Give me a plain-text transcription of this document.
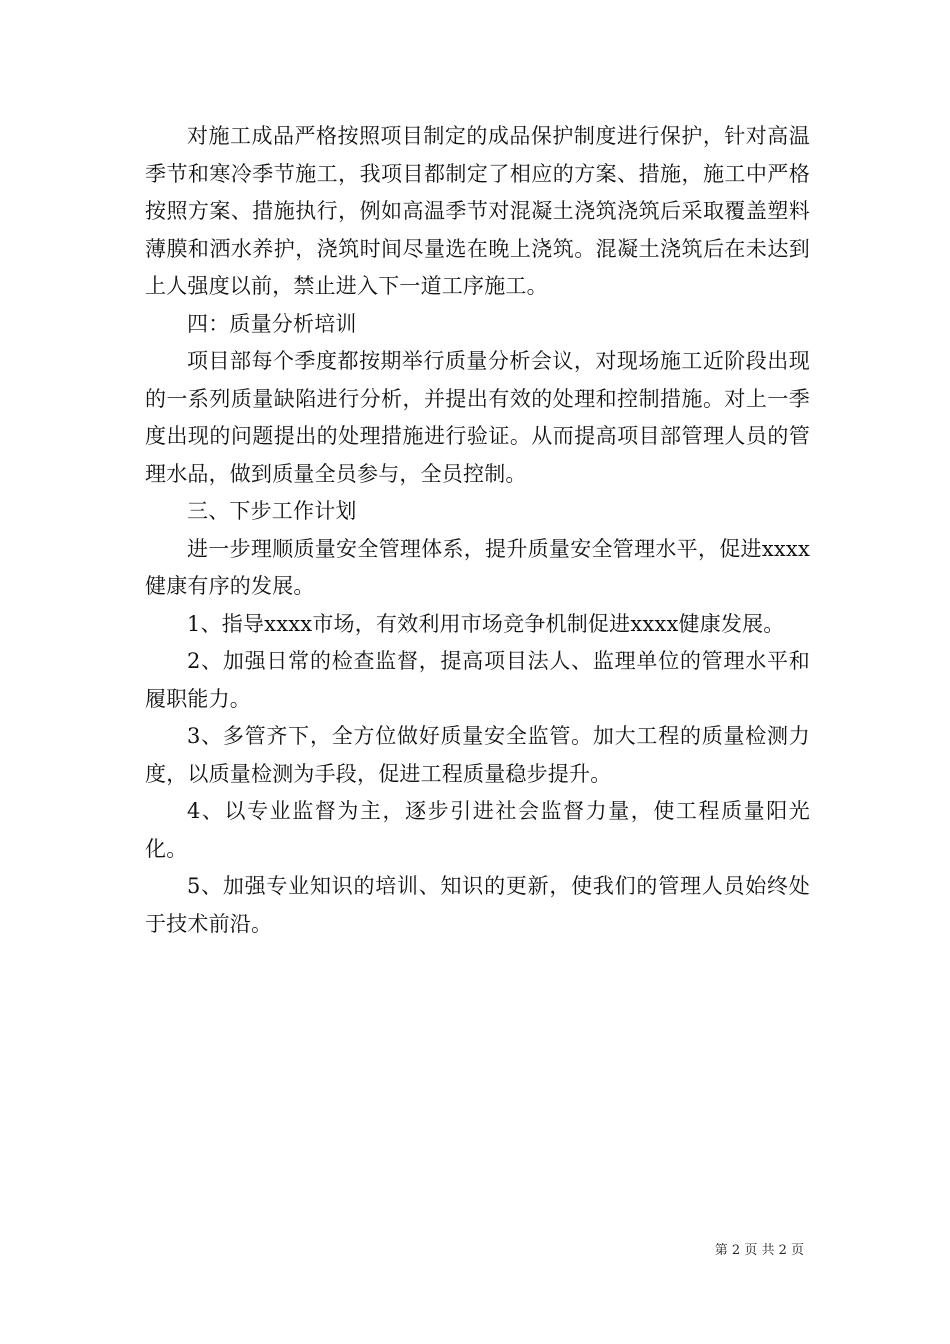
对施工成品严格按照项目制定的成品保护制度进行保护，针对高温季节和寒冷季节施工，我项目都制定了相应的方案、措施，施工中严格按照方案、措施执行，例如高温季节对混凝土浇筑浇筑后采取覆盖塑料薄膜和洒水养护，浇筑时间尽量选在晚上浇筑。混凝土浇筑后在未达到上人强度以前，禁止进入下一道工序施工。

四：质量分析培训

项目部每个季度都按期举行质量分析会议，对现场施工近阶段出现的一系列质量缺陷进行分析，并提出有效的处理和控制措施。对上一季度出现的问题提出的处理措施进行验证。从而提高项目部管理人员的管理水品，做到质量全员参与，全员控制。

三、下步工作计划

进一步理顺质量安全管理体系，提升质量安全管理水平，促进xxxx健康有序的发展。

1、指导xxxx市场，有效利用市场竞争机制促进xxxx健康发展。

2、加强日常的检查监督，提高项目法人、监理单位的管理水平和履职能力。

3、多管齐下，全方位做好质量安全监管。加大工程的质量检测力度，以质量检测为手段，促进工程质量稳步提升。

4、以专业监督为主，逐步引进社会监督力量，使工程质量阳光化。

5、加强专业知识的培训、知识的更新，使我们的管理人员始终处于技术前沿。

第 2 页 共 2 页
